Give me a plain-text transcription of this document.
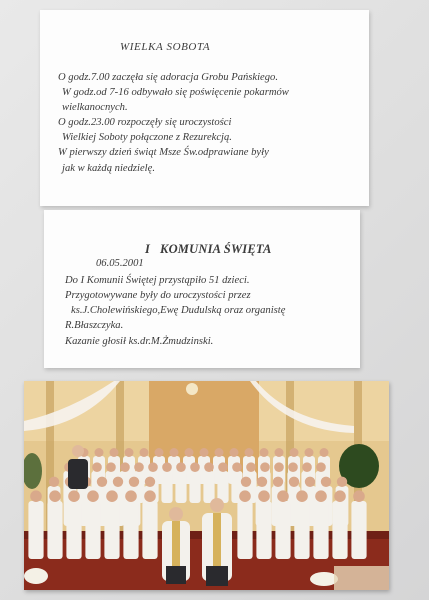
WIELKA SOBOTA
O godz.7.00 zaczęła się adoracja Grobu Pańskiego.
W godz.od 7-16 odbywało się poświęcenie pokarmów
wielkanocnych.
O godz.23.00 rozpoczęły się uroczystości
Wielkiej Soboty połączone z Rezurekcją.
W pierwszy dzień świąt Msze Św.odprawiane były
jak w każdą niedzielę.
I   KOMUNIA ŚWIĘTA
06.05.2001
Do I Komunii Świętej przystąpiło 51 dzieci.
Przygotowywane były do uroczystości przez
ks.J.Cholewińskiego,Ewę Dudulską oraz organistę
R.Błaszczyka.
Kazanie głosił ks.dr.M.Żmudzinski.
